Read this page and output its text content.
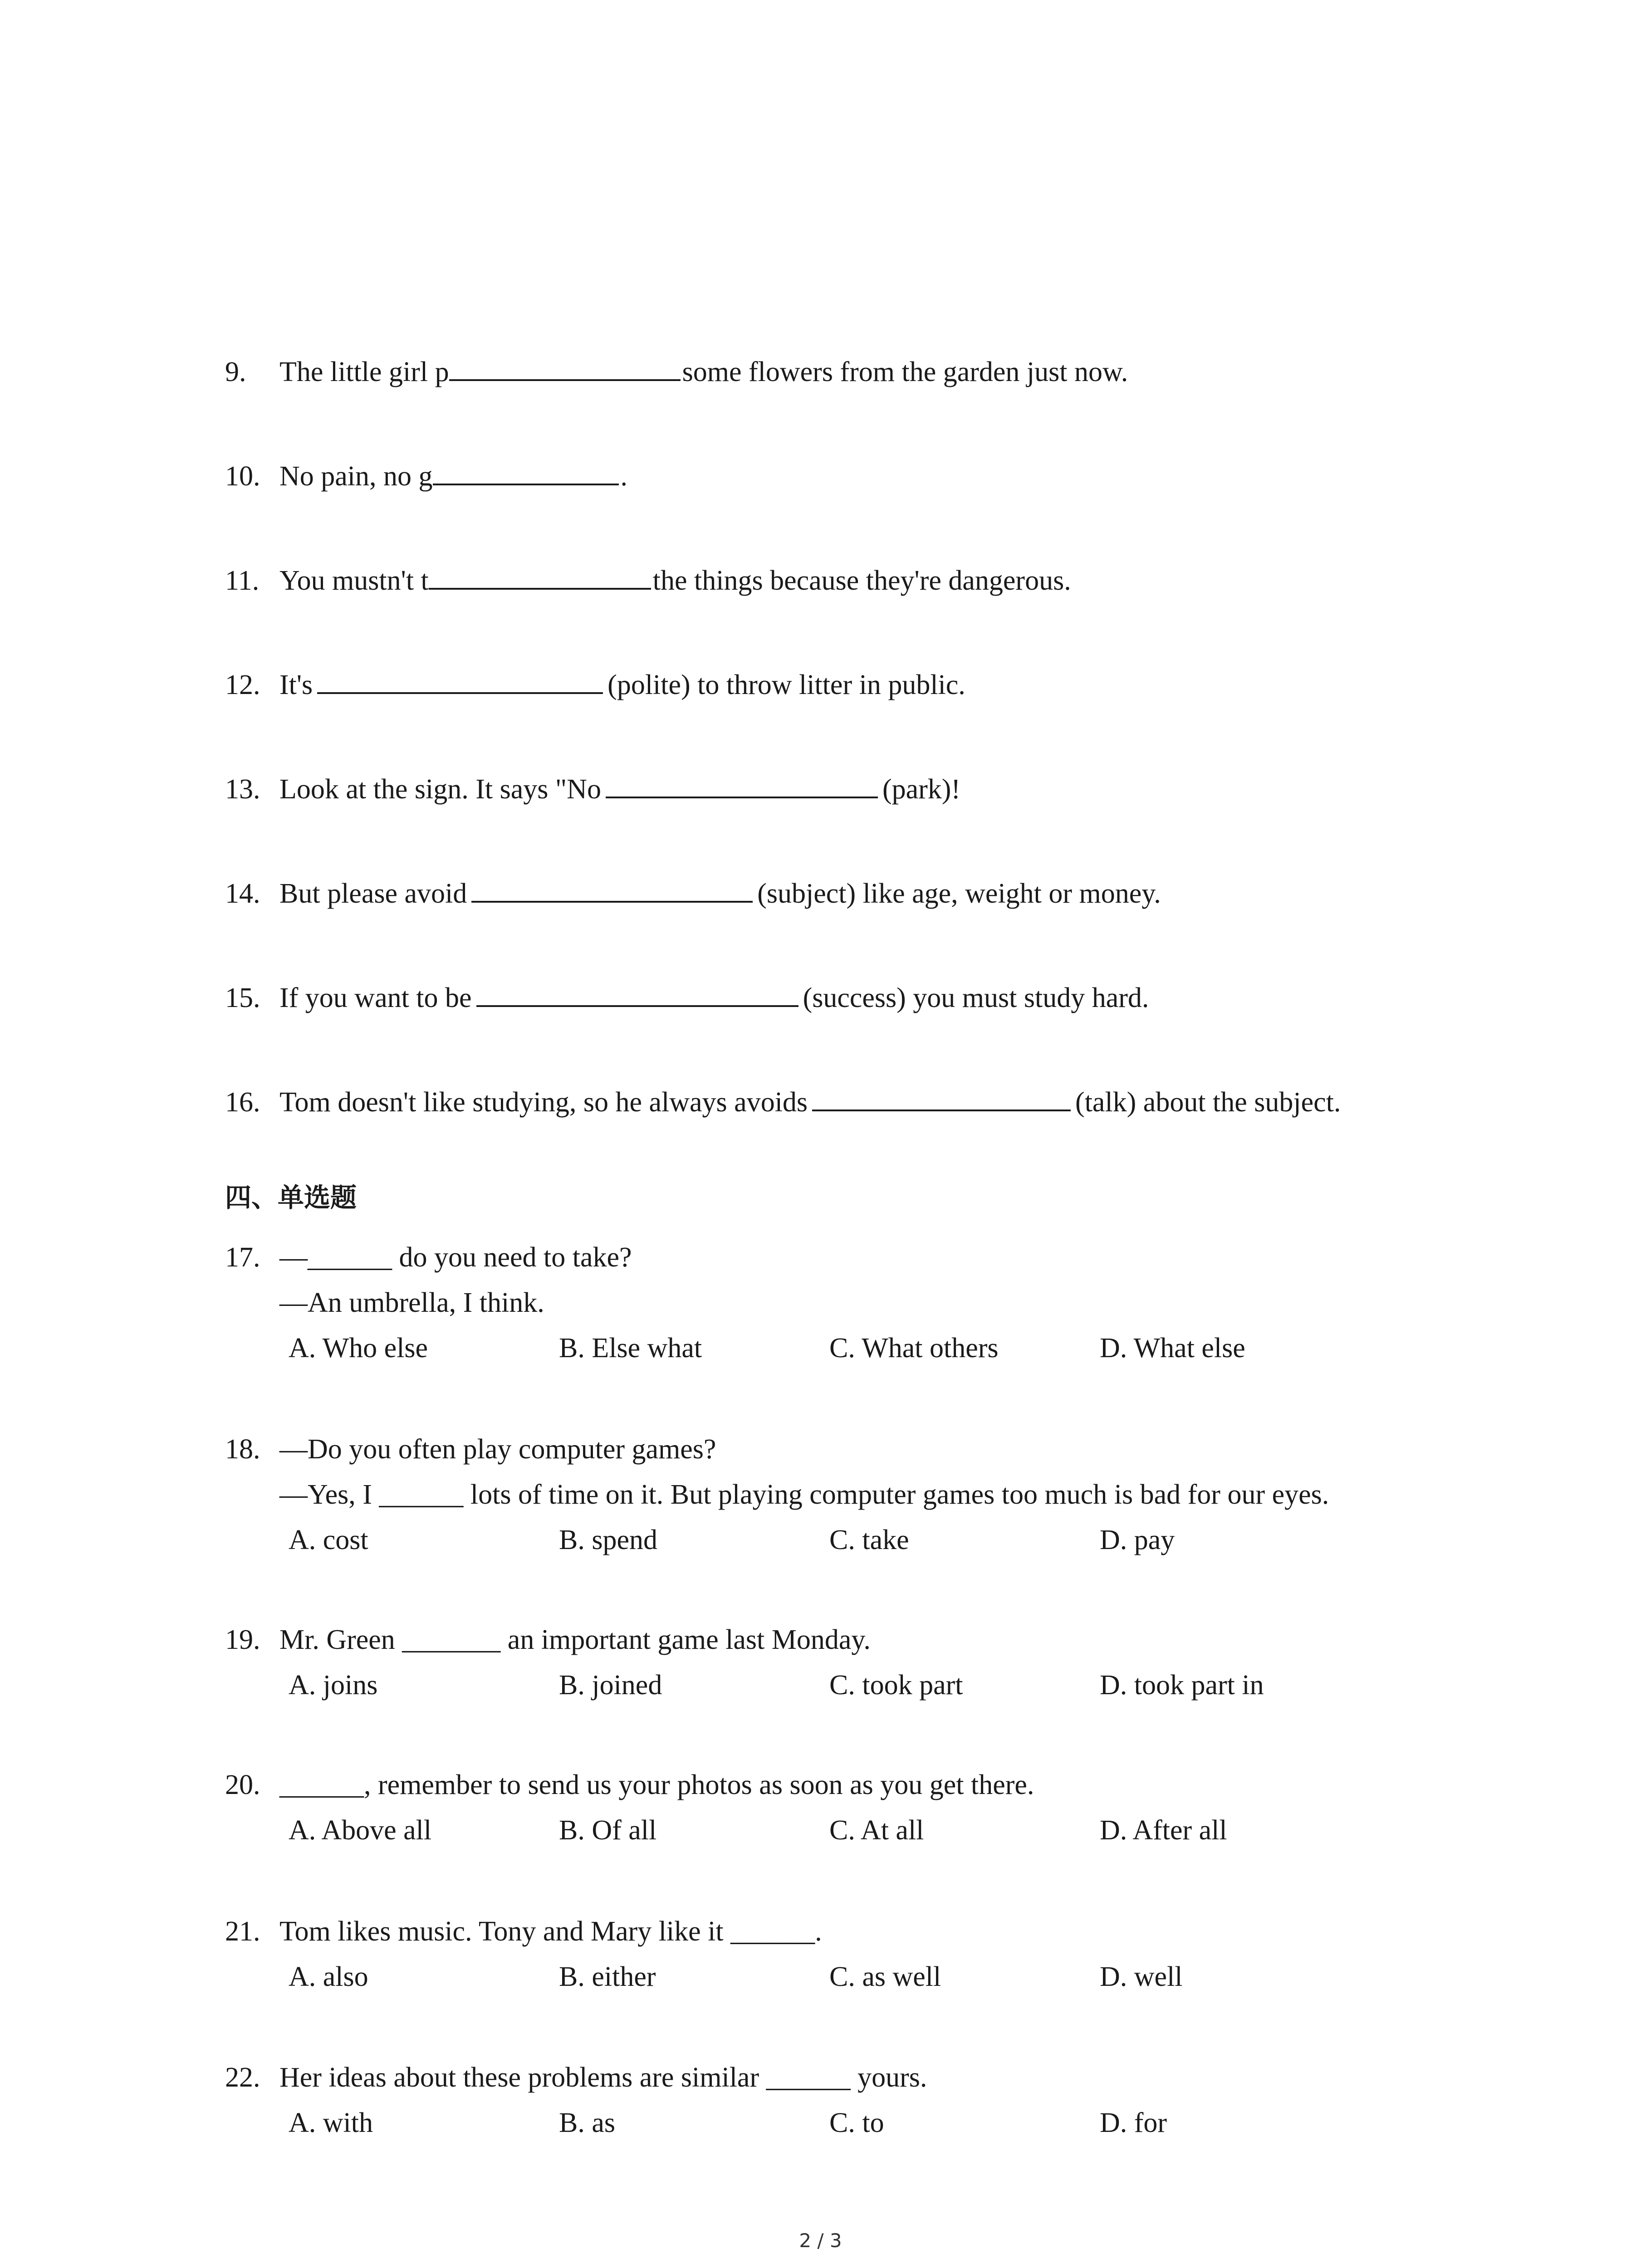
9. The little girl p	some flowers from the garden just now.
10. No pain, no g	.
11. You mustn't t	the things because they're dangerous.
12. It's	(polite) to throw litter in public.
13. Look at the sign. It says "No	(park)!
14. But please avoid	(subject) like age, weight or money.
15. If you want to be	(success) you must study hard.
16. Tom doesn't like studying, so he always avoids	(talk) about the subject.
四、单选题
17. —______ do you need to take?
—An umbrella, I think.
A. Who else	B. Else what	C. What others	D. What else
18. —Do you often play computer games?
—Yes, I ______ lots of time on it. But playing computer games too much is bad for our eyes.
A. cost	B. spend	C. take	D. pay
19. Mr. Green _______ an important game last Monday.
A. joins	B. joined	C. took part	D. took part in
20. ______, remember to send us your photos as soon as you get there.
A. Above all	B. Of all	C. At all	D. After all
21. Tom likes music. Tony and Mary like it ______.
A. also	B. either	C. as well	D. well
22. Her ideas about these problems are similar ______ yours.
A. with	B. as	C. to	D. for
2 / 3
